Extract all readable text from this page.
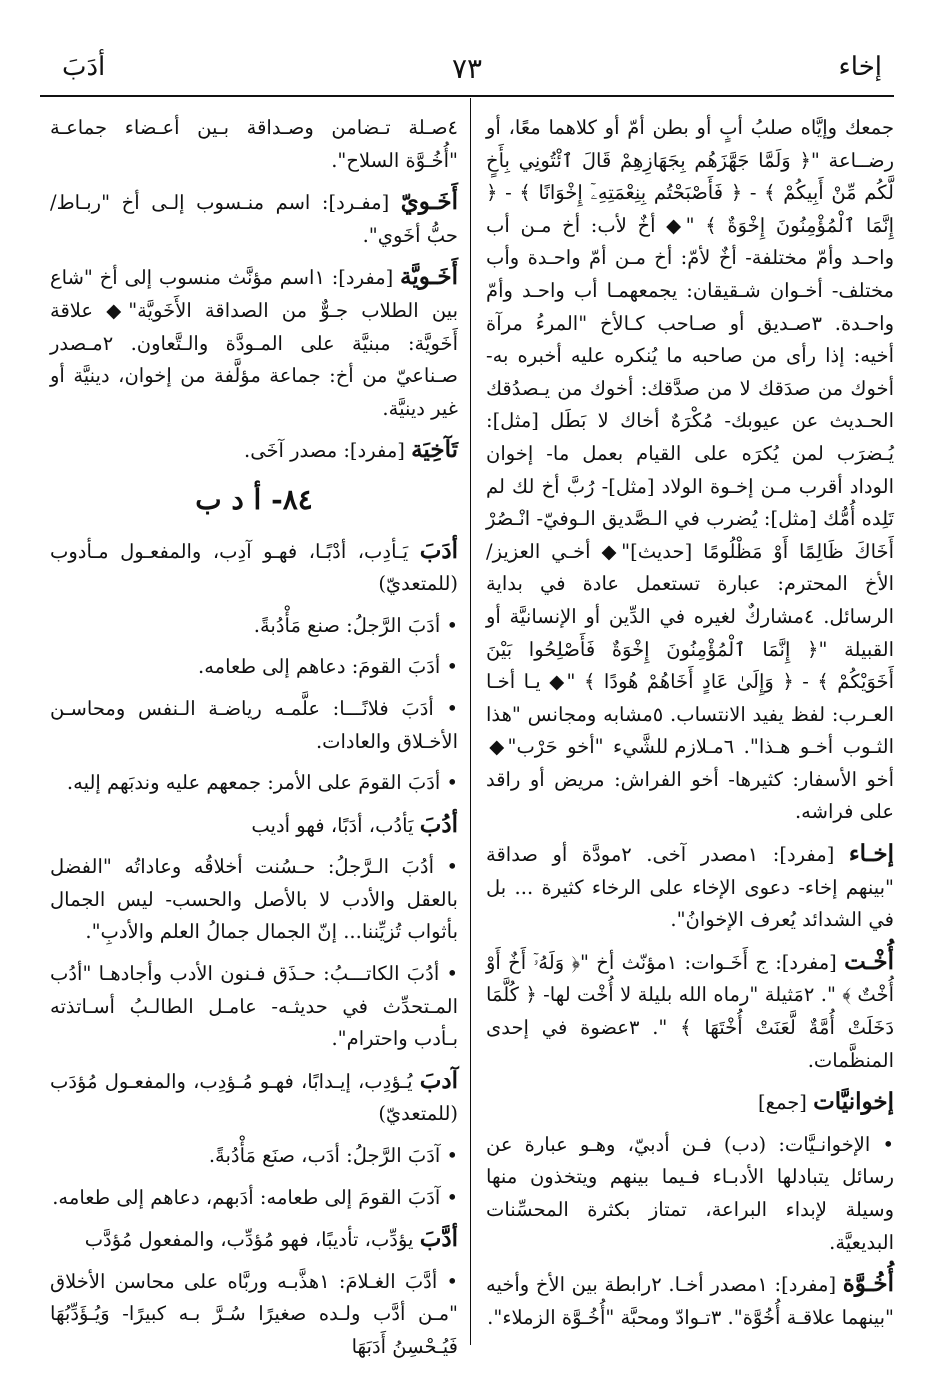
إخاء
٧٣
أدَبَ

جمعك وإيَّاه صلبُ أبٍ أو بطن أمّ أو كلاهما معًا، أو رضــاعة "﴿ وَلَمَّا جَهَّزَهُم بِجَهَازِهِمْ قَالَ ٱئْتُونِي بِأَخٍ لَّكُم مِّنْ أَبِيكُمْ ﴾ - ﴿ فَأَصْبَحْتُم بِنِعْمَتِهِۦٓ إِخْوَانًا ﴾ - ﴿ إِنَّمَا ٱلْمُؤْمِنُونَ إِخْوَةٌ ﴾ "◆ أخٌ لأب: أخ مـن أب واحـد وأمّ مختلفة- أخٌ لأمّ: أخ مـن أمّ واحـدة وأب مختلف- أخـوان شـقيقان: يجمعهمـا أب واحـد وأمّ واحـدة. ٣صـديق أو صـاحب كـالأخ "المرءُ مرآة أخيه: إذا رأى من صاحبه ما يُنكره عليه أخبره به- أخوك من صدَقك لا من صدَّقك: أخوك من يـصدُقك الحـديث عن عيوبك- مُكْرَهٌ أخاك لا بَطَل [مثل]: يُـضرَب لمن يُكرَه على القيام بعمل ما- إخوان الوداد أقرب مـن إخـوة الولاد [مثل]- رُبَّ أخ لك لم تَلِده أُمُّك [مثل]: يُضرب في الـصَّديق الـوفيّ- انْـصُرْ أَخَاكَ ظَالِمًا أَوْ مَظْلُومًا [حديث]"◆ أخـي العزيز/ الأخ المحترم: عبارة تستعمل عادة في بداية الرسائل. ٤مشاركٌ لغيره في الدِّين أو الإنسانيَّة أو القبيلة "﴿ إِنَّمَا ٱلْمُؤْمِنُونَ إِخْوَةٌ فَأَصْلِحُوا بَيْنَ أَخَوَيْكُمْ ﴾ - ﴿ وَإِلَىٰ عَادٍ أَخَاهُمْ هُودًا ﴾ "◆ يـا أخـا العـرب: لفظ يفيد الانتساب. ٥مشابه ومجانس "هذا الثـوب أخـو هـذا". ٦مـلازم للشَّيء "أخو حَرْب"◆ أخو الأسفار: كثيرها- أخو الفراش: مريض أو راقد على فراشه.

إخـاء [مفرد]: ١مصدر آخى. ٢مودَّة أو صداقة "بينهم إخاء- دعوى الإخاء على الرخاء كثيرة ... بل في الشدائد يُعرف الإخوانُ".

أُخْـت [مفرد]: ج أَخَـوات: ١مؤنّث أخ "﴿ وَلَهُۥٓ أَخٌ أَوْ أُخْتٌ ﴾ ". ٢مَثيلة "رماه الله بليلة لا أُخْت لها- ﴿ كُلَّمَا دَخَلَتْ أُمَّةٌ لَّعَنَتْ أُخْتَهَا ﴾ ". ٣عضوة في إحدى المنظَّمات.

إخوانيَّات [جمع]

• الإخوانـيَّات: (دب) فـن أدبيّ، وهـو عبارة عن رسائل يتبادلها الأدبـاء فـيما بينهم ويتخذون منها وسيلة لإبداء البراعة، تمتاز بكثرة المحسِّنات البديعيَّة.

أُخُـوَّة [مفرد]: ١مصدر أخـا. ٢رابطة بين الأخ وأخيه "بينهما علاقـة أُخُوَّة". ٣تـوادّ ومحبَّة "أُخُـوَّة الزملاء".

٤صـلة تـضامن وصـداقة بـين أعـضاء جماعـة "أُخُـوَّة السلاح".

أَخَـويّ [مفـرد]: اسم منـسوب إلـى أخ "ربـاط/ حبُّ أخَوي".

أَخَـويَّة [مفرد]: ١اسم مؤنَّث منسوب إلى أخ "شاع بين الطلاب جـوٌّ من الصداقة الأَخَويَّة"◆ علاقة أَخَويَّة: مبنيَّة على المـودَّة والـتَّعاون. ٢مـصدر صـناعيّ من أخ: جماعة مؤلَّفة من إخوان، دينيَّة أو غير دينيَّة.

تَآخِيَة [مفرد]: مصدر آخَى.

٨٤- أ د ب

أدَبَ يَـأدِب، أدْبًـا، فهـو آدِب، والمفعـول مـأدوب (للمتعديّ)

• أدَبَ الرَّجلُ: صنع مَأْدُبةً.

• أدَبَ القومَ: دعاهم إلى طعامه.

• أدَبَ فلانًـــا: علَّمـه رياضـة الـنفس ومحاسـن الأخـلاق والعادات.

• أدَبَ القومَ على الأمر: جمعهم عليه وندبَهم إليه.

أدُبَ يَأدُب، أدَبًا، فهو أديب

• أدُبَ الـرَّجلُ: حـسُنت أخلاقُه وعاداتُه "الفضل بالعقل والأدب لا بالأصل والحسب- ليس الجمال بأثواب تُزيِّننا... إنّ الجمال جمالُ العلم والأدبِ".

• أدُبَ الكاتـــبُ: حـذَق فـنون الأدب وأجادهـا "أدُب المـتحدِّث في حديثـه- عامـل الطالـبُ أسـاتذته بـأدب واحترام".

آدبَ يُـؤدِب، إيـدابًا، فهـو مُـؤدِب، والمفعـول مُؤدَب (للمتعديّ)

• آدَبَ الرَّجلُ: أدَب، صنَع مَأْدُبةً.

• آدَبَ القومَ إلى طعامه: أدَبهم، دعاهم إلى طعامه.

أدَّبَ يؤدِّب، تأديبًا، فهو مُؤدِّب، والمفعول مُؤدَّب

• أدَّبَ الغـلامَ: ١هذَّبـه وربَّاه على محاسن الأخلاق "مـن أدَّب ولـده صغيرًا سُـرَّ بـه كبيرًا- وَيُـؤَدِّبُهَا فَيُـحْسِنُ أَدَبَهَا
